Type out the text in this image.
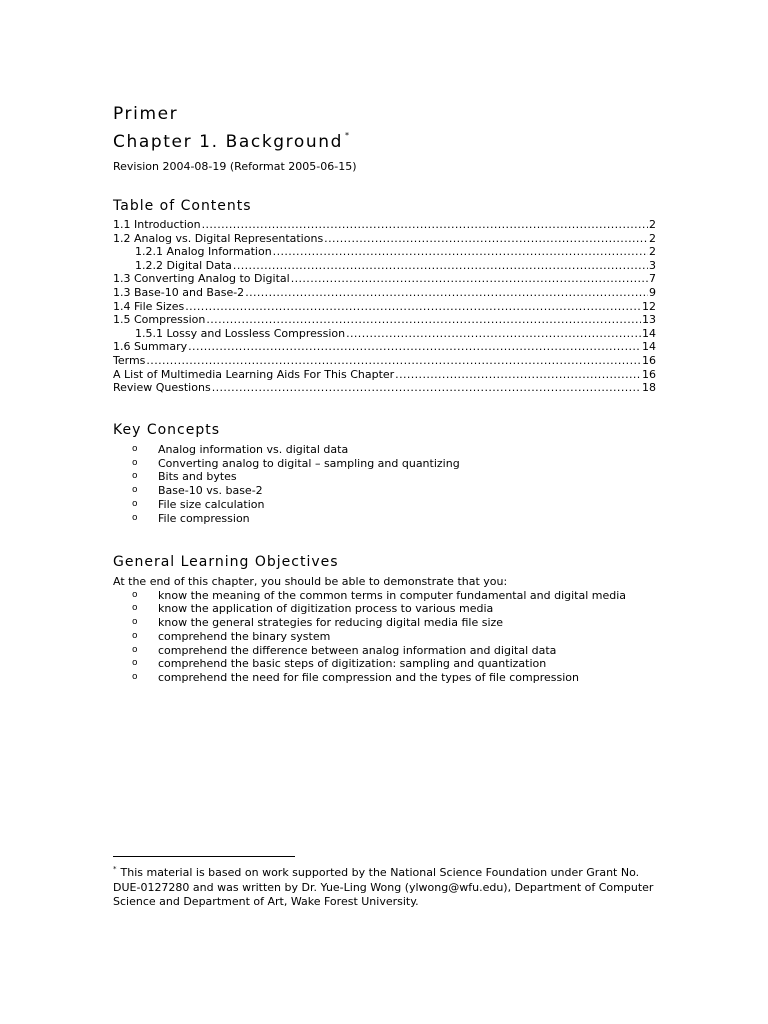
Primer
Chapter 1. Background *
Revision 2004-08-19 (Reformat 2005-06-15)
Table of Contents
1.1 Introduction .....	2
1.2 Analog vs. Digital Representations .....	2
1.2.1 Analog Information .....	2
1.2.2 Digital Data .....	3
1.3 Converting Analog to Digital .....	7
1.3 Base-10 and Base-2 .....	9
1.4 File Sizes .....	12
1.5 Compression .....	13
1.5.1 Lossy and Lossless Compression .....	14
1.6 Summary .....	14
Terms .....	16
A List of Multimedia Learning Aids For This Chapter .....	16
Review Questions .....	18
Key Concepts
o	Analog information vs. digital data
o	Converting analog to digital – sampling and quantizing
o	Bits and bytes
o	Base-10 vs. base-2
o	File size calculation
o	File compression
General Learning Objectives
At the end of this chapter, you should be able to demonstrate that you:
o	know the meaning of the common terms in computer fundamental and digital media
o	know the application of digitization process to various media
o	know the general strategies for reducing digital media file size
o	comprehend the binary system
o	comprehend the difference between analog information and digital data
o	comprehend the basic steps of digitization: sampling and quantization
o	comprehend the need for file compression and the types of file compression
* This material is based on work supported by the National Science Foundation under Grant No. DUE-0127280 and was written by Dr. Yue-Ling Wong (ylwong@wfu.edu), Department of Computer Science and Department of Art, Wake Forest University.
